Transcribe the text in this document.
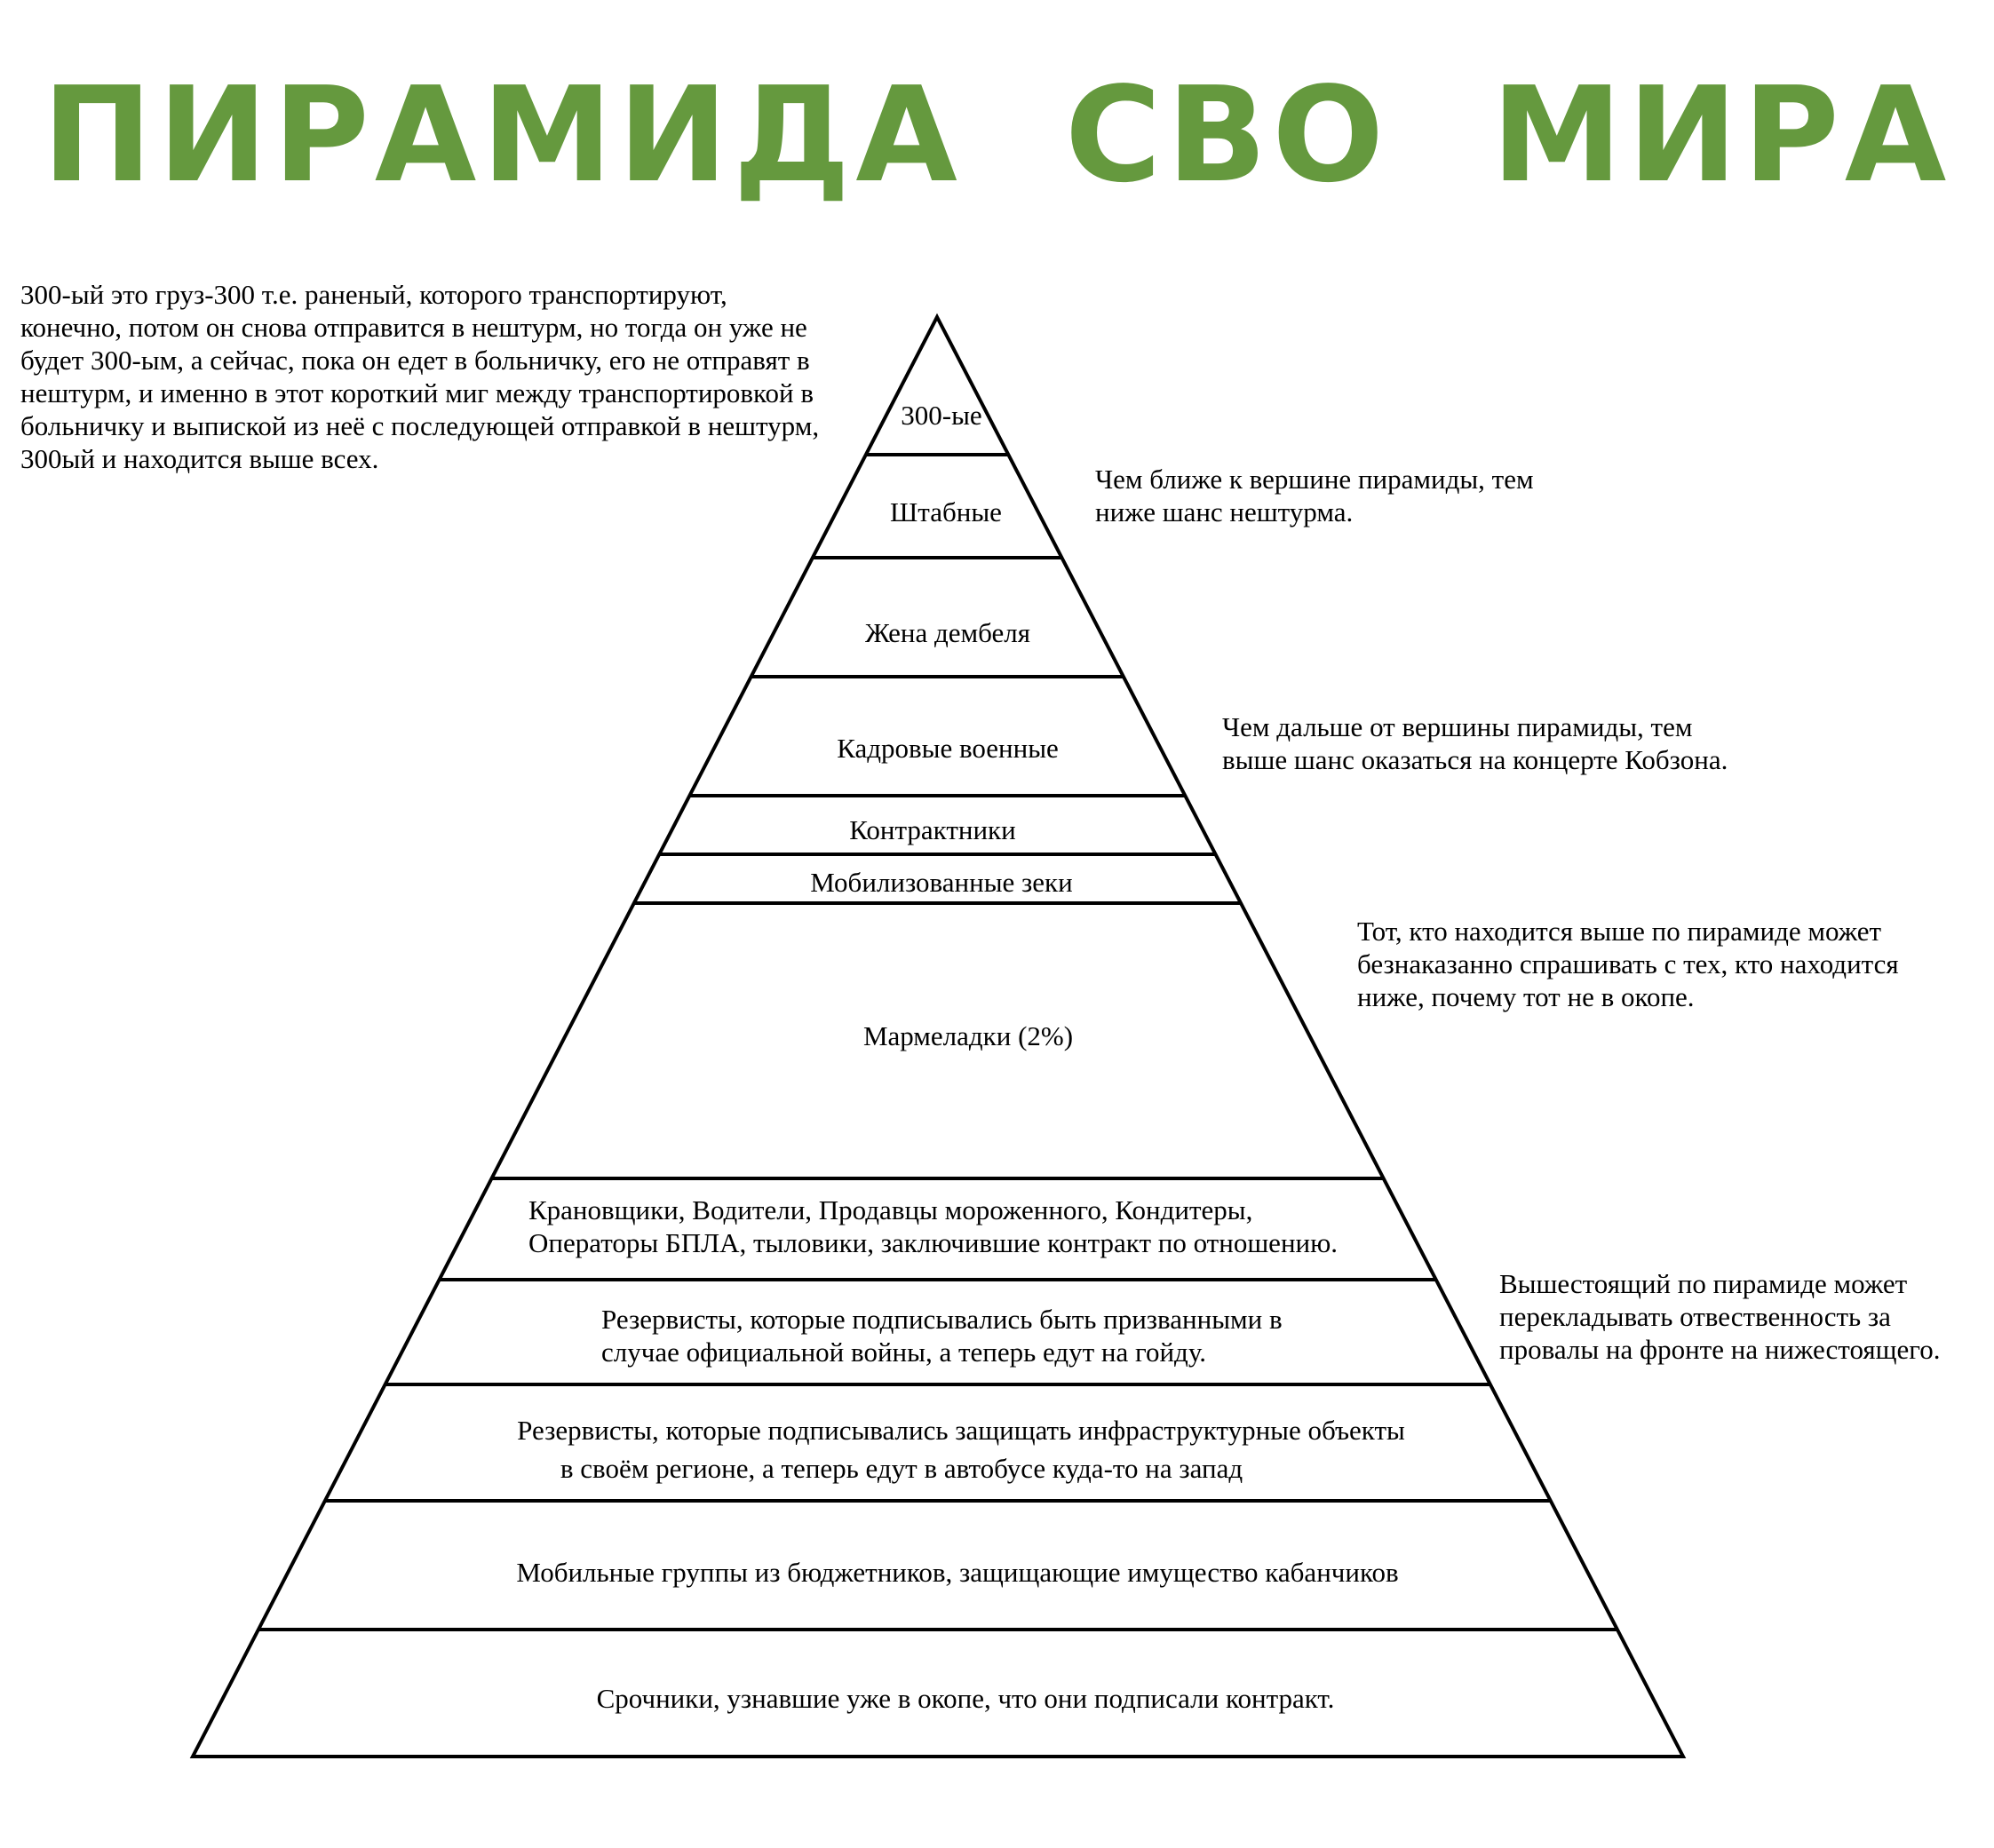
ПИРАМИДА  СВО  МИРА
300-ые
Штабные
Жена дембеля
Кадровые военные
Контрактники
Мобилизованные зеки
Мармеладки (2%)
Крановщики, Водители, Продавцы мороженного, Кондитеры,
Операторы БПЛА, тыловики, заключившие контракт по отношению.
Резервисты, которые подписывались быть призванными в
случае официальной войны, а теперь едут на гойду.
Резервисты, которые подписывались защищать инфраструктурные объекты
в своём регионе, а теперь едут в автобусе куда-то на запад
Мобильные группы из бюджетников, защищающие имущество кабанчиков
Срочники, узнавшие уже в окопе, что они подписали контракт.
300-ый это груз-300 т.е. раненый, которого транспортируют,
конечно, потом он снова отправится в нештурм, но тогда он уже не
будет 300-ым, а сейчас, пока он едет в больничку, его не отправят в
нештурм, и именно в этот короткий миг между транспортировкой в
больничку и выпиской из неё с последующей отправкой в нештурм,
300ый и находится выше всех.
Чем ближе к вершине пирамиды, тем
ниже шанс нештурма.
Чем дальше от вершины пирамиды, тем
выше шанс оказаться на концерте Кобзона.
Тот, кто находится выше по пирамиде может
безнаказанно спрашивать с тех, кто находится
ниже, почему тот не в окопе.
Вышестоящий по пирамиде может
перекладывать отвественность за
провалы на фронте на нижестоящего.
